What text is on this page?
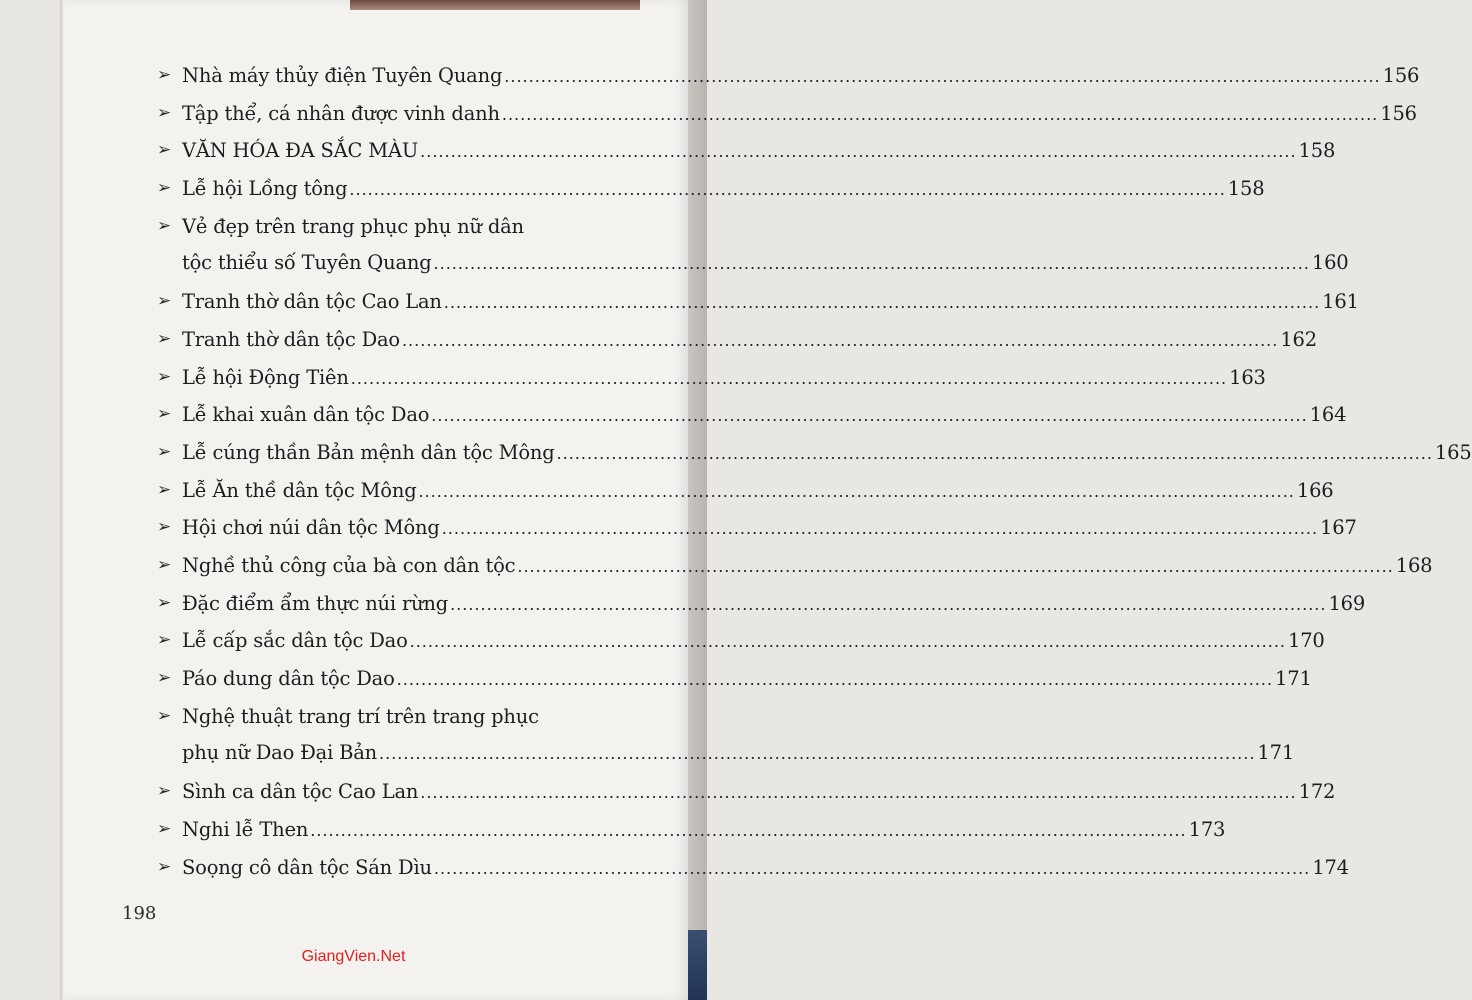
➢ Nhà máy thủy điện Tuyên Quang .....	156
➢ Tập thể, cá nhân được vinh danh .....	156
➢ VĂN HÓA ĐA SẮC MÀU .....	158
➢ Lễ hội Lồng tông .....	158
➢ Vẻ đẹp trên trang phục phụ nữ dân
tộc thiểu số Tuyên Quang .....	160
➢ Tranh thờ dân tộc Cao Lan .....	161
➢ Tranh thờ dân tộc Dao .....	162
➢ Lễ hội Động Tiên .....	163
➢ Lễ khai xuân dân tộc Dao .....	164
➢ Lễ cúng thần Bản mệnh dân tộc Mông .....	165
➢ Lễ Ăn thề dân tộc Mông .....	166
➢ Hội chơi núi dân tộc Mông .....	167
➢ Nghề thủ công của bà con dân tộc .....	168
➢ Đặc điểm ẩm thực núi rừng .....	169
➢ Lễ cấp sắc dân tộc Dao .....	170
➢ Páo dung dân tộc Dao .....	171
➢ Nghệ thuật trang trí trên trang phục
phụ nữ Dao Đại Bản .....	171
➢ Sình ca dân tộc Cao Lan .....	172
➢ Nghi lễ Then .....	173
➢ Soọng cô dân tộc Sán Dìu .....	174
198
GiangVien.Net
